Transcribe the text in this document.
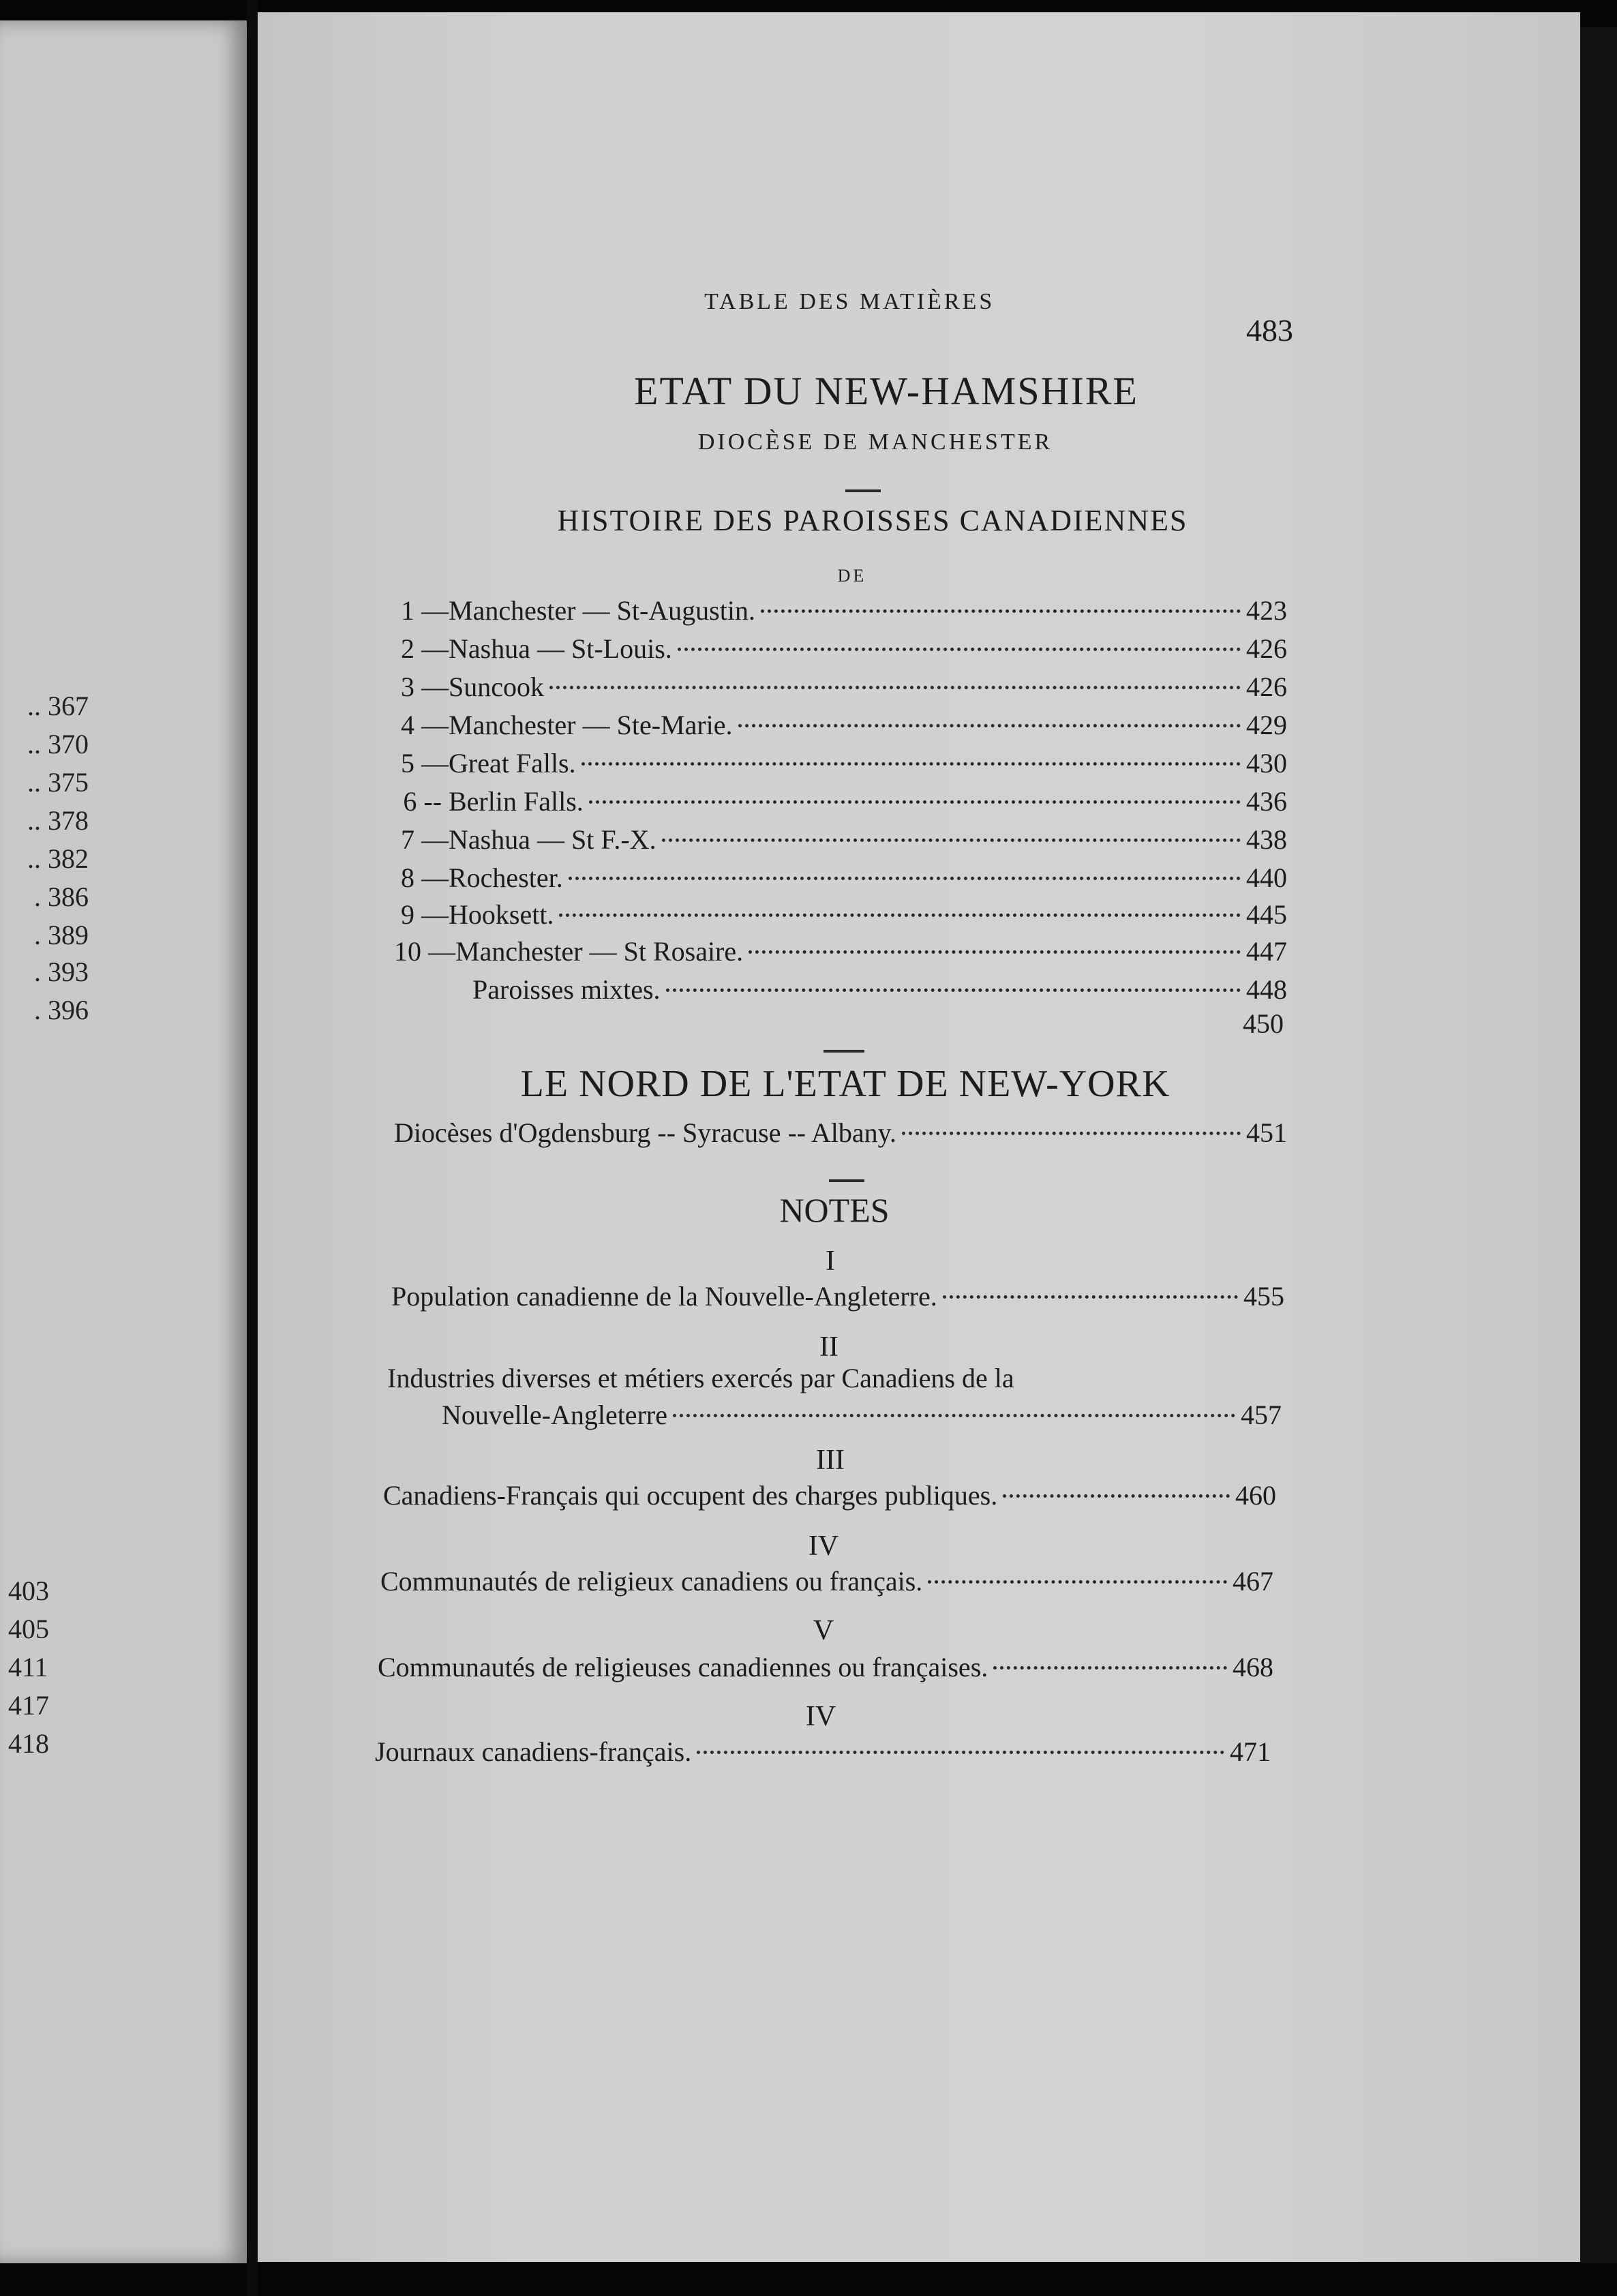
.. 367
.. 370
.. 375
.. 378
.. 382
. 386
. 389
. 393
. 396
403
405
411
417
418
TABLE DES MATIÈRES
483
ETAT DU NEW-HAMSHIRE
DIOCÈSE DE MANCHESTER
HISTOIRE DES PAROISSES CANADIENNES
DE
1 — Manchester — St-Augustin.	423
2 — Nashua — St-Louis.	426
3 — Suncook	426
4 — Manchester — Ste-Marie.	429
5 — Great Falls.	430
6 -- Berlin Falls.	436
7 — Nashua — St F.-X.	438
8 — Rochester.	440
9 — Hooksett.	445
10 — Manchester — St Rosaire.	447
Paroisses mixtes.	448
450
LE NORD DE L'ETAT DE NEW-YORK
Diocèses d'Ogdensburg -- Syracuse -- Albany.	451
NOTES
I
Population canadienne de la Nouvelle-Angleterre.	455
II
Industries diverses et métiers exercés par Canadiens de la
Nouvelle-Angleterre	457
III
Canadiens-Français qui occupent des charges publiques.	460
IV
Communautés de religieux canadiens ou français.	467
V
Communautés de religieuses canadiennes ou françaises.	468
IV
Journaux canadiens-français.	471
